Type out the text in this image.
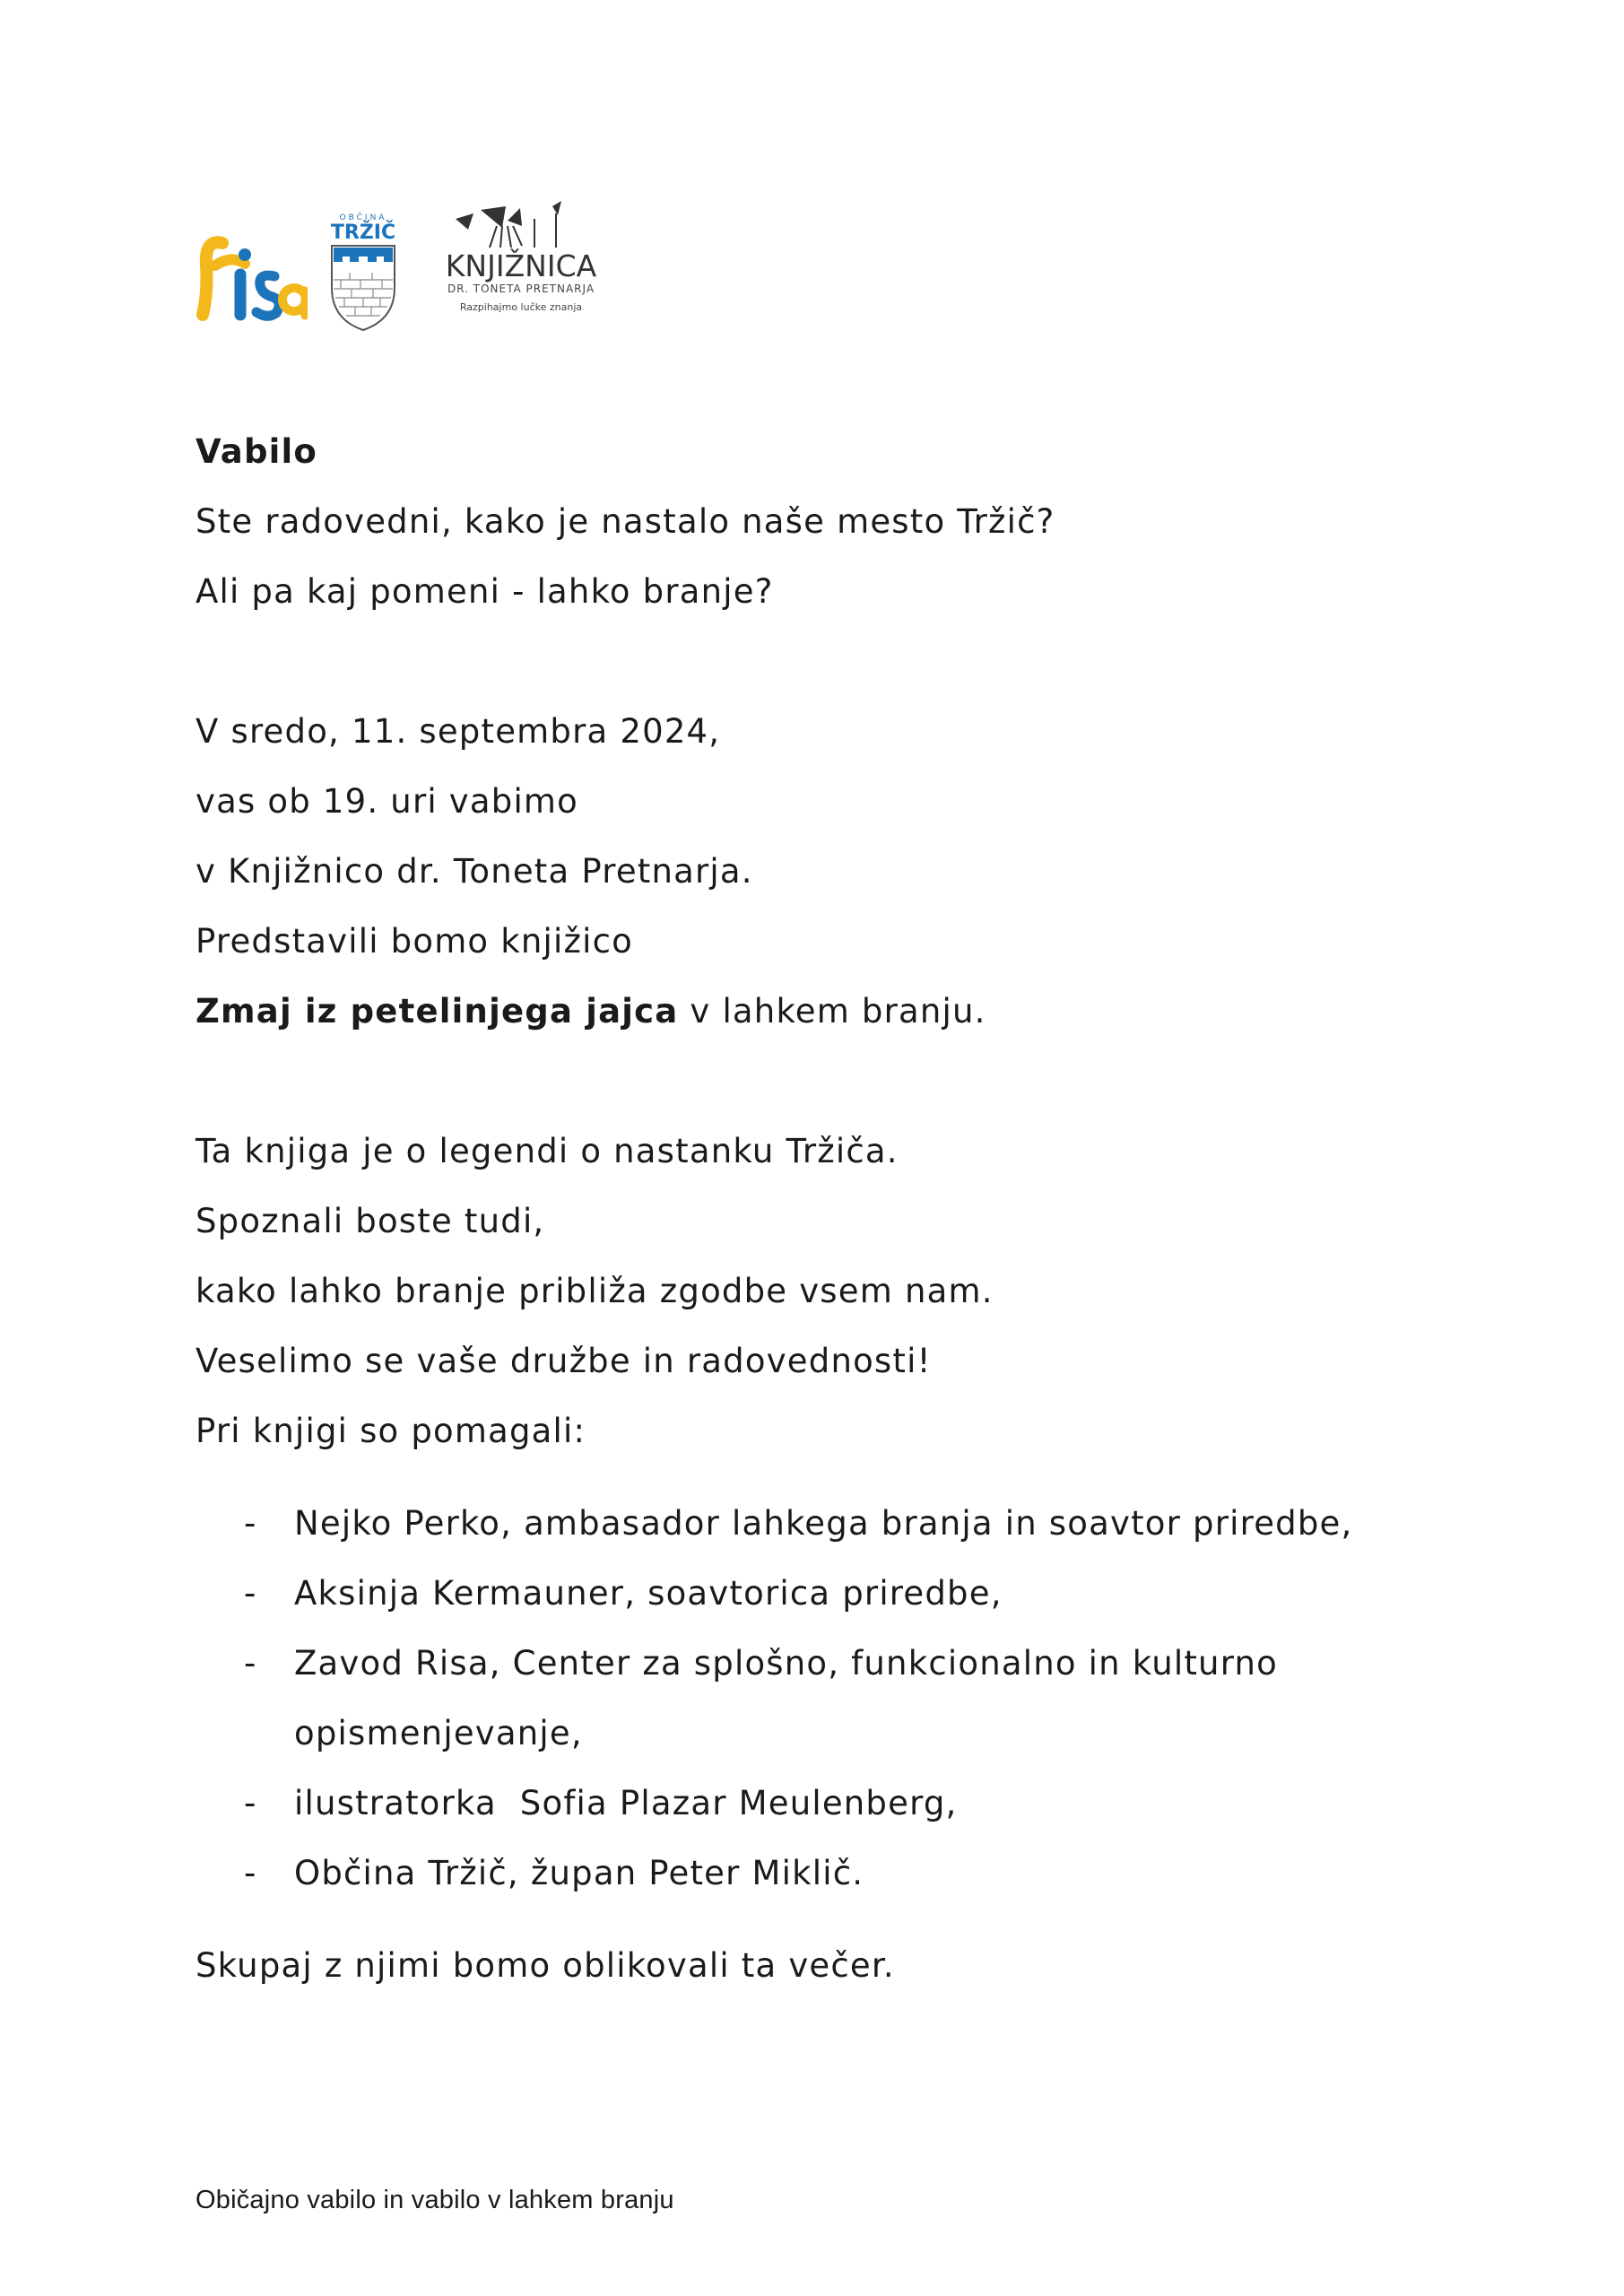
Risa
OBČINA
TRŽIČ
KNJIŽNICA
DR. TONETA PRETNARJA
Razpihajmo lučke znanja
Vabilo
Ste radovedni, kako je nastalo naše mesto Tržič?
Ali pa kaj pomeni - lahko branje?
V sredo, 11. septembra 2024,
vas ob 19. uri vabimo
v Knjižnico dr. Toneta Pretnarja.
Predstavili bomo knjižico
Zmaj iz petelinjega jajca v lahkem branju.
Ta knjiga je o legendi o nastanku Tržiča.
Spoznali boste tudi,
kako lahko branje približa zgodbe vsem nam.
Veselimo se vaše družbe in radovednosti!
Pri knjigi so pomagali:
- Nejko Perko, ambasador lahkega branja in soavtor priredbe,
- Aksinja Kermauner, soavtorica priredbe,
- Zavod Risa, Center za splošno, funkcionalno in kulturno
opismenjevanje,
- ilustratorka  Sofia Plazar Meulenberg,
- Občina Tržič, župan Peter Miklič.
Skupaj z njimi bomo oblikovali ta večer.
Običajno vabilo in vabilo v lahkem branju
